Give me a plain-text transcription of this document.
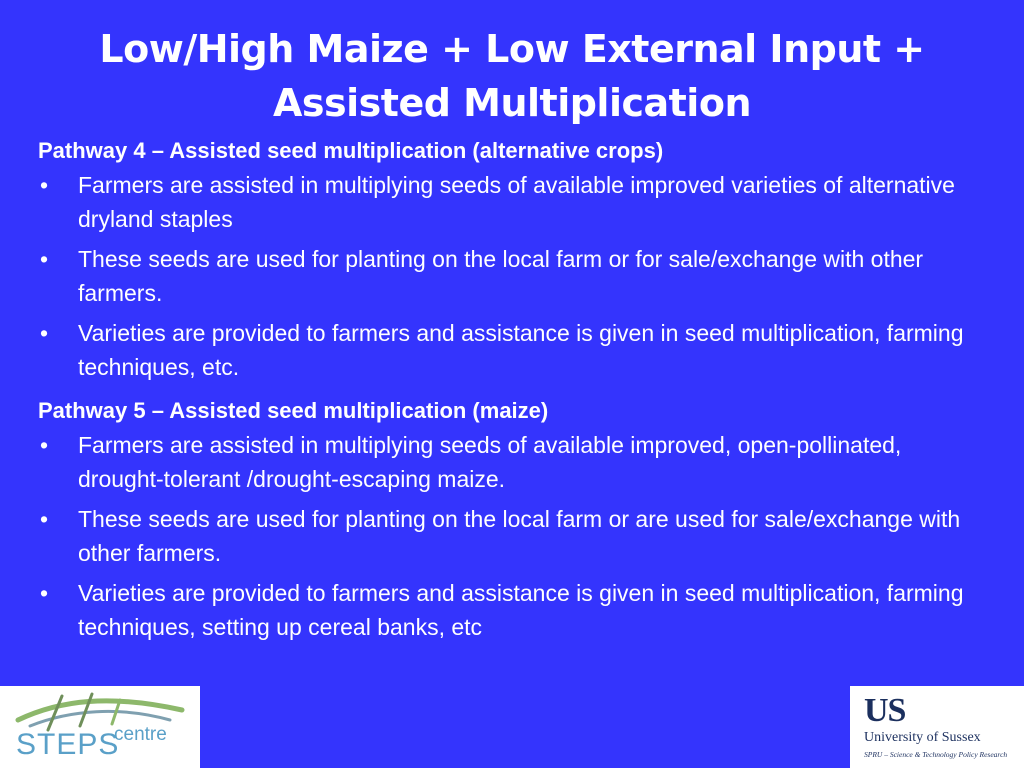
Low/High Maize + Low External Input + Assisted Multiplication
Pathway 4 – Assisted seed multiplication (alternative crops)
• Farmers are assisted in multiplying seeds of available improved varieties of alternative dryland staples
• These seeds are used for planting on the local farm or for sale/exchange with other farmers.
• Varieties are provided to farmers and assistance is given in seed multiplication, farming techniques, etc.
Pathway 5 – Assisted seed multiplication (maize)
• Farmers are assisted in multiplying seeds of available improved, open-pollinated, drought-tolerant /drought-escaping maize.
• These seeds are used for planting on the local farm or are used for sale/exchange with other farmers.
• Varieties are provided to farmers and assistance is given in seed multiplication, farming techniques, setting up cereal banks, etc
STEPS
centre
US
University of Sussex
SPRU – Science & Technology Policy Research
